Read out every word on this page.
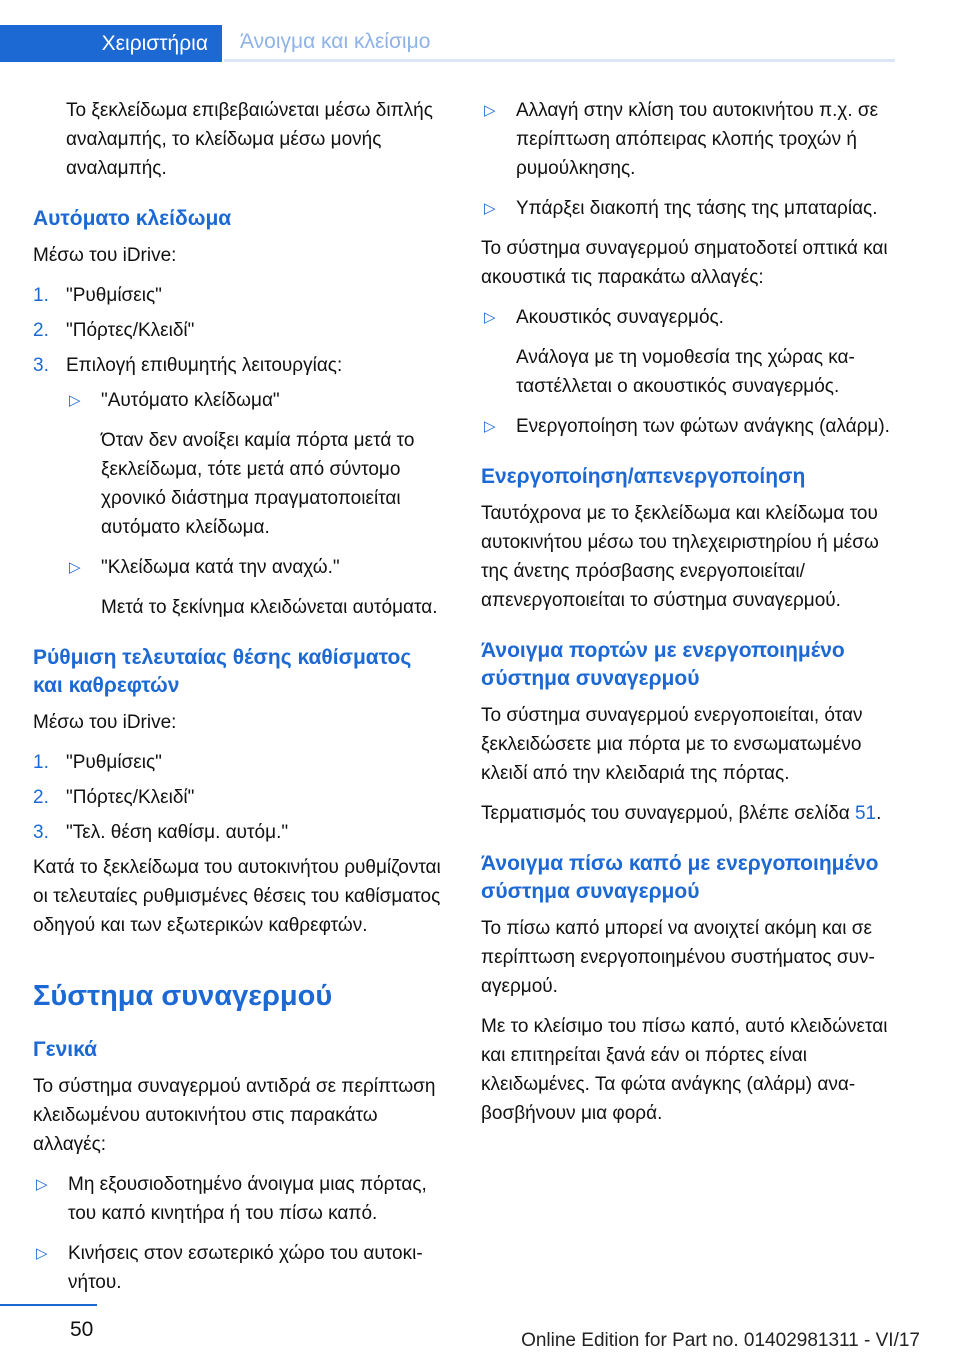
Χειριστήρια	Άνοιγμα και κλείσιμο

Το ξεκλείδωμα επιβεβαιώνεται μέσω διπλής αναλαμπής, το κλείδωμα μέσω μονής αναλαμπής.

Αυτόματο κλείδωμα

Μέσω του iDrive:

1. "Ρυθμίσεις"
2. "Πόρτες/Κλειδί"
3. Επιλογή επιθυμητής λειτουργίας:
▷ "Αυτόματο κλείδωμα"
Όταν δεν ανοίξει καμία πόρτα μετά το ξεκλείδωμα, τότε μετά από σύντομο χρονικό διάστημα πραγματοποιείται αυτόματο κλείδωμα.
▷ "Κλείδωμα κατά την αναχώ."
Μετά το ξεκίνημα κλειδώνεται αυτόματα.
Ρύθμιση τελευταίας θέσης καθίσματος και καθρεφτών

Μέσω του iDrive:

1. "Ρυθμίσεις"
2. "Πόρτες/Κλειδί"
3. "Τελ. θέση καθίσμ. αυτόμ."

Κατά το ξεκλείδωμα του αυτοκινήτου ρυθμίζονται οι τελευταίες ρυθμισμένες θέσεις του καθίσματος οδηγού και των εξωτερικών καθρεφτών.

Σύστημα συναγερμού
Γενικά

Το σύστημα συναγερμού αντιδρά σε περίπτωση κλειδωμένου αυτοκινήτου στις παρακάτω αλλαγές:

▷ Μη εξουσιοδοτημένο άνοιγμα μιας πόρτας, του καπό κινητήρα ή του πίσω καπό.
▷ Κινήσεις στον εσωτερικό χώρο του αυτοκινήτου.
▷ Αλλαγή στην κλίση του αυτοκινήτου π.χ. σε περίπτωση απόπειρας κλοπής τροχών ή ρυμούλκησης.
▷ Υπάρξει διακοπή της τάσης της μπαταρίας.

Το σύστημα συναγερμού σηματοδοτεί οπτικά και ακουστικά τις παρακάτω αλλαγές:

▷ Ακουστικός συναγερμός.
Ανάλογα με τη νομοθεσία της χώρας καταστέλλεται ο ακουστικός συναγερμός.
▷ Ενεργοποίηση των φώτων ανάγκης (αλάρμ).
Ενεργοποίηση/απενεργοποίηση

Ταυτόχρονα με το ξεκλείδωμα και κλείδωμα του αυτοκινήτου μέσω του τηλεχειριστηρίου ή μέσω της άνετης πρόσβασης ενεργοποιείται/απενεργοποιείται το σύστημα συναγερμού.

Άνοιγμα πορτών με ενεργοποιημένο σύστημα συναγερμού

Το σύστημα συναγερμού ενεργοποιείται, όταν ξεκλειδώσετε μια πόρτα με το ενσωματωμένο κλειδί από την κλειδαριά της πόρτας.

Τερματισμός του συναγερμού, βλέπε σελίδα 51.

Άνοιγμα πίσω καπό με ενεργοποιημένο σύστημα συναγερμού

Το πίσω καπό μπορεί να ανοιχτεί ακόμη και σε περίπτωση ενεργοποιημένου συστήματος συναγερμού.

Με το κλείσιμο του πίσω καπό, αυτό κλειδώνεται και επιτηρείται ξανά εάν οι πόρτες είναι κλειδωμένες. Τα φώτα ανάγκης (αλάρμ) αναβοσβήνουν μια φορά.

50	Online Edition for Part no. 01402981311 - VI/17
